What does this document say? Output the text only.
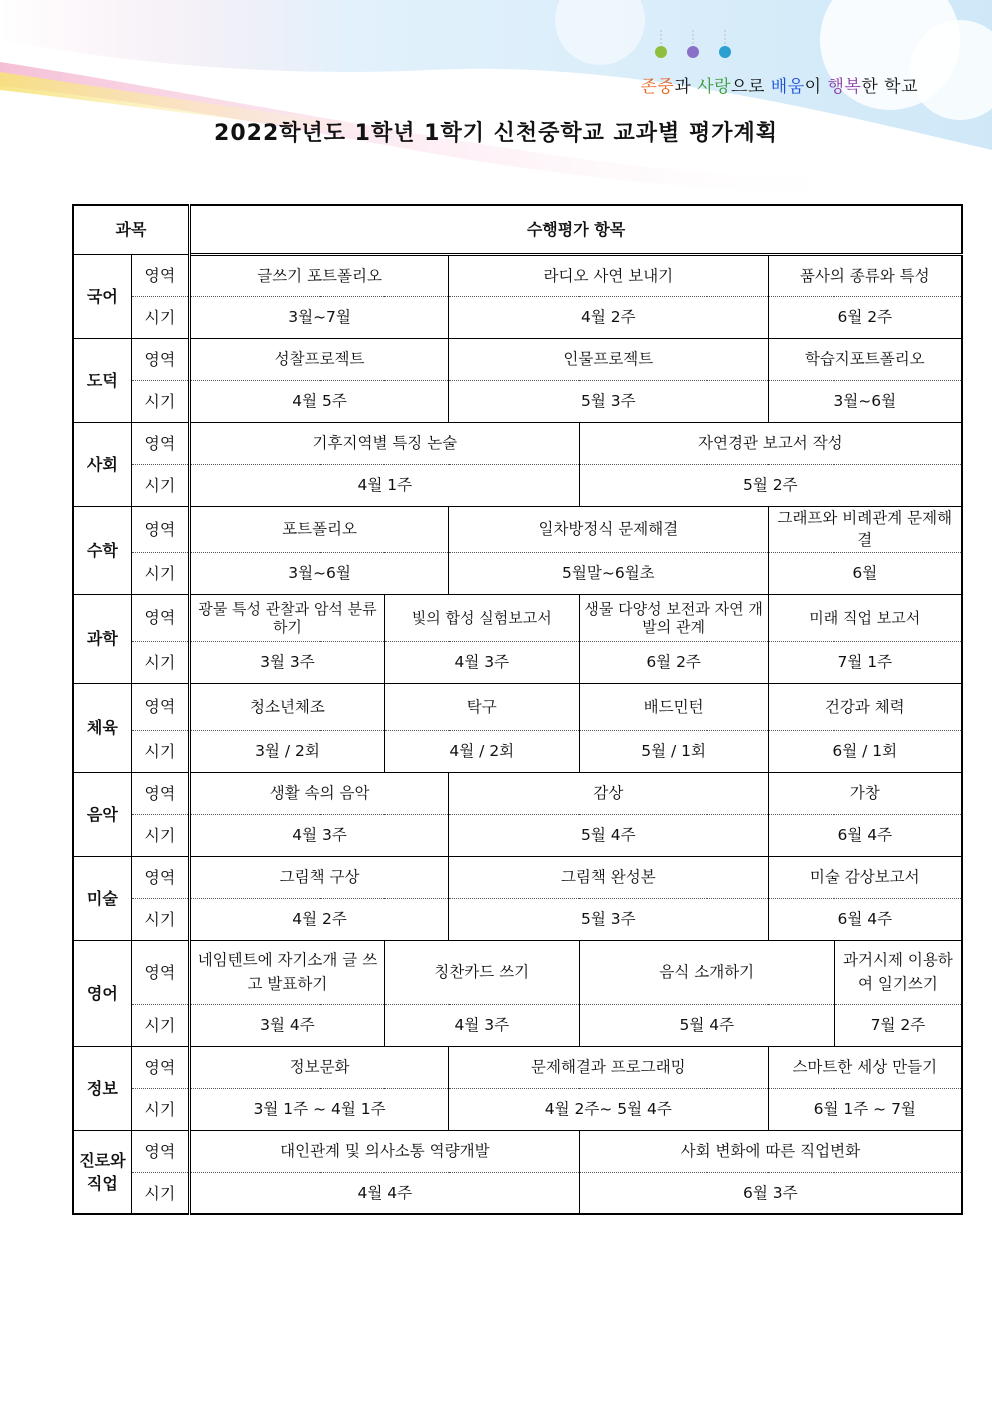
존중과 사랑으로 배움이 행복한 학교
2022학년도 1학년 1학기 신천중학교 교과별 평가계획
과목		수행평가 항목					
국어	영역	글쓰기 포트폴리오		라디오 사연 보내기		품사의 종류와 특성	
	시기	3월~7월		4월 2주		6월 2주	
도덕	영역	성찰프로젝트		인물프로젝트		학습지포트폴리오	
	시기	4월 5주		5월 3주		3월~6월	
사회	영역	기후지역별 특징 논술			자연경관 보고서 작성		
	시기	4월 1주			5월 2주		
수학	영역	포트폴리오		일차방정식 문제해결		그래프와 비례관계 문제해결	
	시기	3월~6월		5월말~6월초		6월	
과학	영역	광물 특성 관찰과 암석 분류하기	빛의 합성 실험보고서		생물 다양성 보전과 자연 개발의 관계	미래 직업 보고서	
	시기	3월 3주	4월 3주		6월 2주	7월 1주	
체육	영역	청소년체조	탁구		배드민턴	건강과 체력	
	시기	3월 / 2회	4월 / 2회		5월 / 1회	6월 / 1회	
음악	영역	생활 속의 음악		감상		가창	
	시기	4월 3주		5월 4주		6월 4주	
미술	영역	그림책 구상		그림책 완성본		미술 감상보고서	
	시기	4월 2주		5월 3주		6월 4주	
영어	영역	네임텐트에 자기소개 글 쓰고 발표하기	칭찬카드 쓰기		음식 소개하기		과거시제 이용하여 일기쓰기
	시기	3월 4주	4월 3주		5월 4주		7월 2주
정보	영역	정보문화		문제해결과 프로그래밍		스마트한 세상 만들기	
	시기	3월 1주 ~ 4월 1주		4월 2주~ 5월 4주		6월 1주 ~ 7월	
진로와 직업	영역	대인관계 및 의사소통 역량개발			사회 변화에 따른 직업변화		
	시기	4월 4주			6월 3주		
